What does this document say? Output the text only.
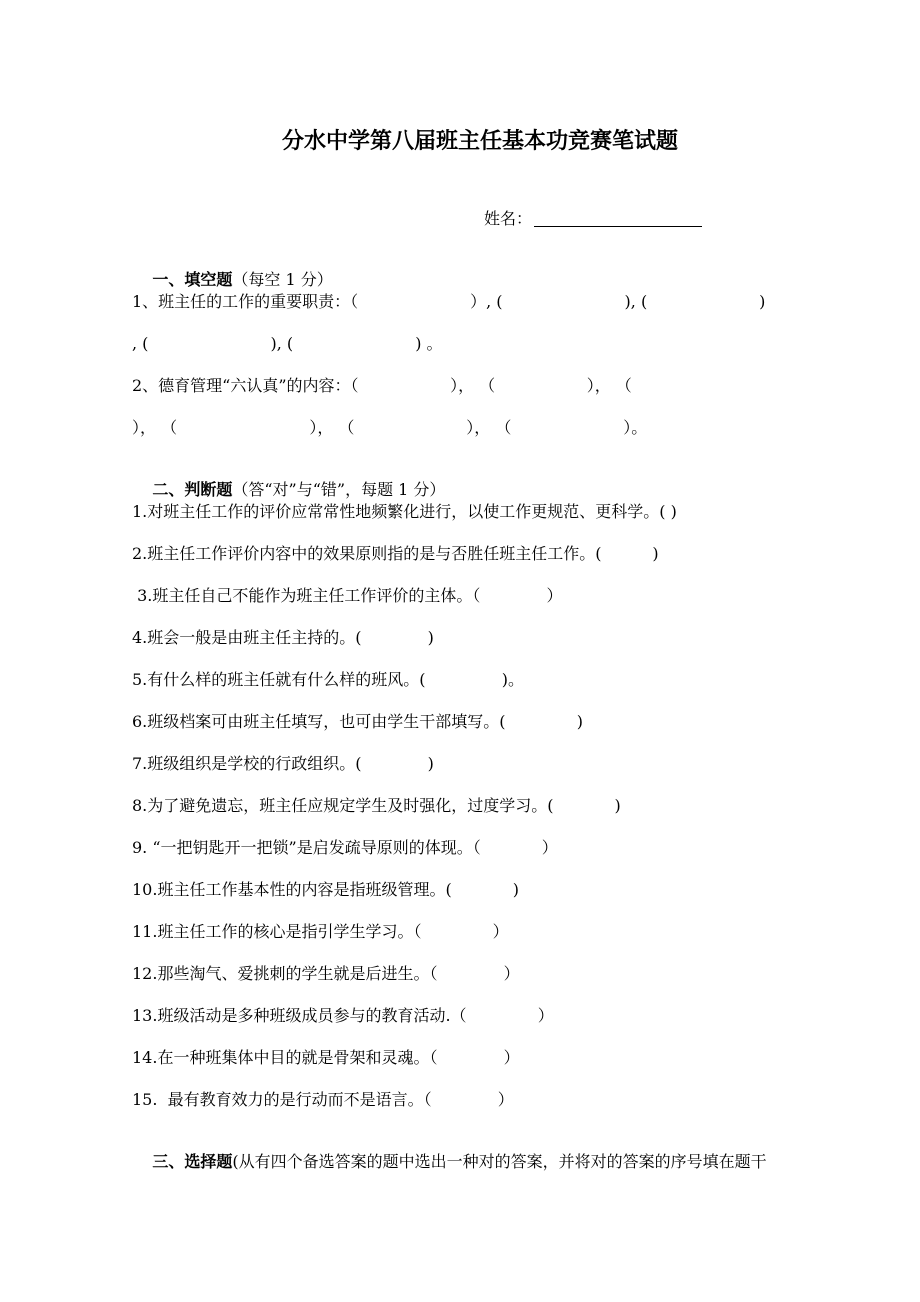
分水中学第八届班主任基本功竞赛笔试题
姓名：

一、填空题（每空 1 分）

1、班主任的工作的重要职责：（                      ）, (                        ), (                      )
, (                        ), (                        ) 。
2、德育管理“六认真”的内容：（                  ）， （                  ）， （
）， （                          ）， （                      ）， （                      ）。

二、判断题（答“对”与“错”，每题 1 分）

1.对班主任工作的评价应常常性地频繁化进行，以使工作更规范、更科学。( )
2.班主任工作评价内容中的效果原则指的是与否胜任班主任工作。(          )
3.班主任自己不能作为班主任工作评价的主体。（             ）
4.班会一般是由班主任主持的。(             )
5.有什么样的班主任就有什么样的班风。(               )。
6.班级档案可由班主任填写，也可由学生干部填写。(              )
7.班级组织是学校的行政组织。(             )
8.为了避免遗忘，班主任应规定学生及时强化，过度学习。(            )
9. “一把钥匙开一把锁”是启发疏导原则的体现。（            ）
10.班主任工作基本性的内容是指班级管理。(            )
11.班主任工作的核心是指引学生学习。（              ）
12.那些淘气、爱挑刺的学生就是后进生。（             ）
13.班级活动是多种班级成员参与的教育活动.（              ）
14.在一种班集体中目的就是骨架和灵魂。（             ）
15.  最有教育效力的是行动而不是语言。（             ）

三、选择题(从有四个备选答案的题中选出一种对的答案，并将对的答案的序号填在题干
